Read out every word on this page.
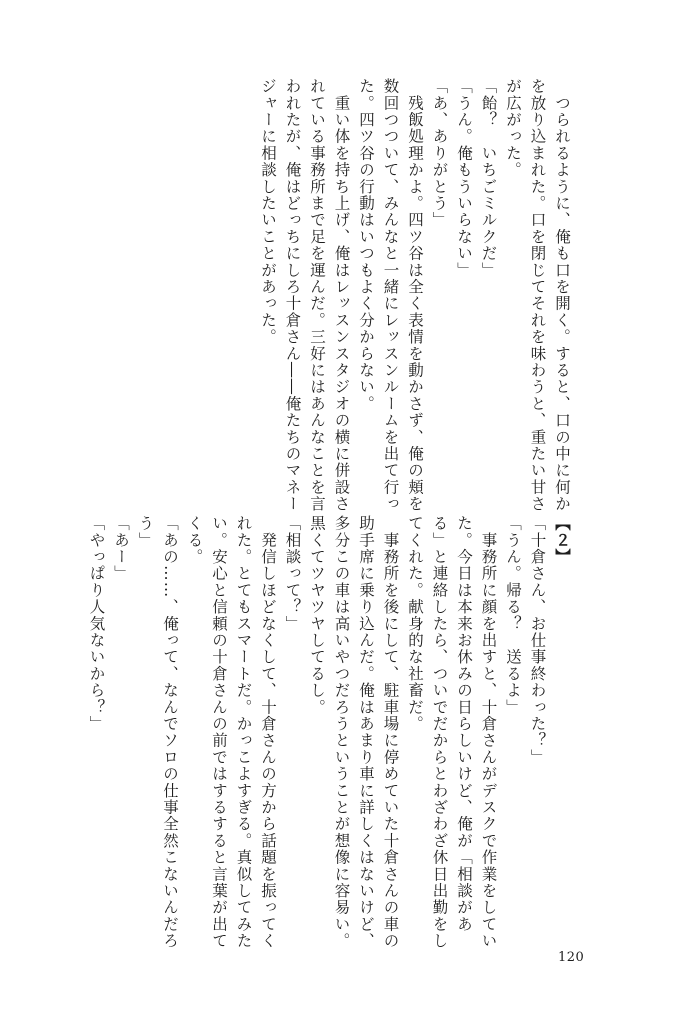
　つられるように、俺も口を開く。すると、口の中に何か
を放り込まれた。口を閉じてそれを味わうと、重たい甘さ
が広がった。
「飴？　いちごミルクだ」
「うん。俺もういらない」
「あ、ありがとう」
　残飯処理かよ。四ツ谷は全く表情を動かさず、俺の頬を
数回つついて、みんなと一緒にレッスンルームを出て行っ
た。四ツ谷の行動はいつもよく分からない。
　重い体を持ち上げ、俺はレッスンスタジオの横に併設さ
れている事務所まで足を運んだ。三好にはあんなことを言
われたが、俺はどっちにしろ十倉さん――俺たちのマネー
ジャーに相談したいことがあった。
【２】
「十倉さん、お仕事終わった？」
「うん。帰る？　送るよ」
　事務所に顔を出すと、十倉さんがデスクで作業をしてい
た。今日は本来お休みの日らしいけど、俺が「相談があ
る」と連絡したら、ついでだからとわざわざ休日出勤をし
てくれた。献身的な社畜だ。
　事務所を後にして、駐車場に停めていた十倉さんの車の
助手席に乗り込んだ。俺はあまり車に詳しくはないけど、
多分この車は高いやつだろうということが想像に容易い。
黒くてツヤツヤしてるし。
「相談って？」
　発信しほどなくして、十倉さんの方から話題を振ってく
れた。とてもスマートだ。かっこよすぎる。真似してみた
い。安心と信頼の十倉さんの前ではするすると言葉が出て
くる。
「あの……、俺って、なんでソロの仕事全然こないんだろ
う」
「あー」
「やっぱり人気ないから？」
120
